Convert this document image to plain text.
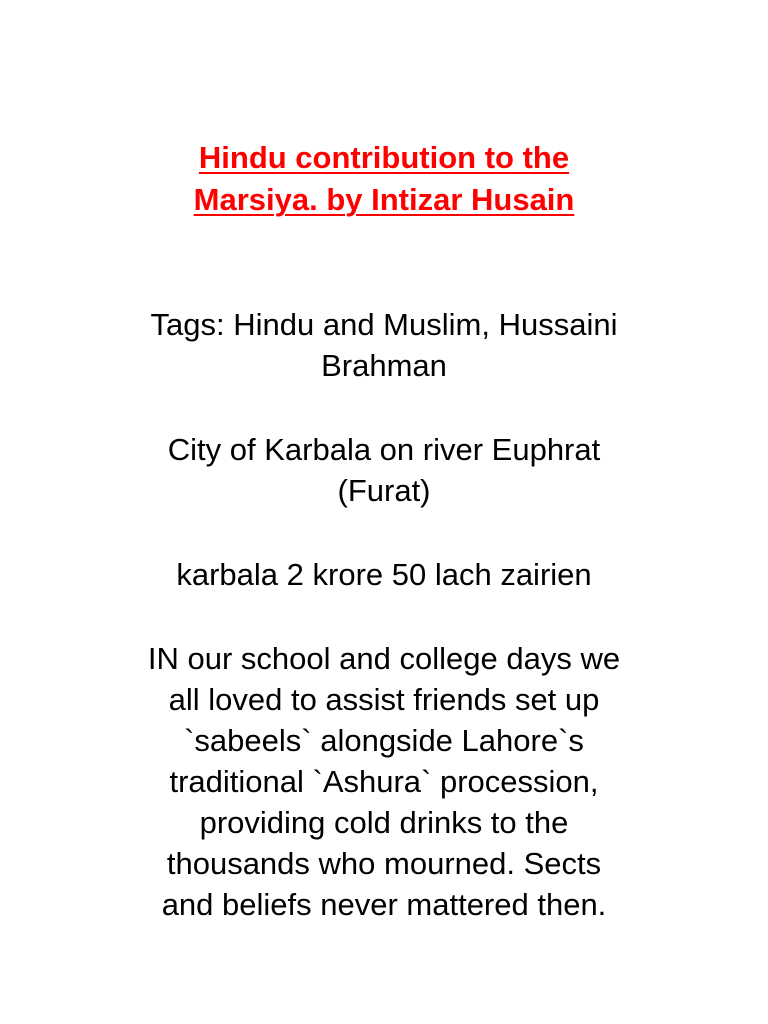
Hindu contribution to the
Marsiya. by Intizar Husain

Tags: Hindu and Muslim, Hussaini
Brahman

City of Karbala on river Euphrat
(Furat)

karbala 2 krore 50 lach zairien

IN our school and college days we
all loved to assist friends set up
`sabeels` alongside Lahore`s
traditional `Ashura` procession,
providing cold drinks to the
thousands who mourned. Sects
and beliefs never mattered then.
